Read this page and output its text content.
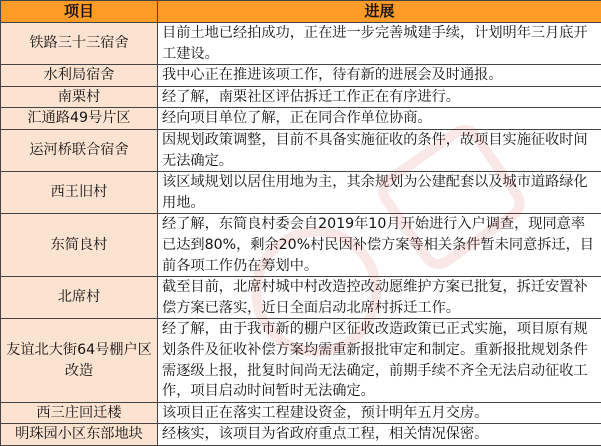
项目	进展
铁路三十三宿舍	目前土地已经拍成功，正在进一步完善城建手续，计划明年三月底开工建设。
水利局宿舍	我中心正在推进该项工作，待有新的进展会及时通报。
南栗村	经了解，南栗社区评估拆迁工作正在有序进行。
汇通路49号片区	经向项目单位了解，正在同合作单位协商。
运河桥联合宿舍	因规划政策调整，目前不具备实施征收的条件，故项目实施征收时间无法确定。
西王旧村	该区域规划以居住用地为主，其余规划为公建配套以及城市道路绿化用地。
东简良村	经了解，东简良村委会自2019年10月开始进行入户调查，现同意率已达到80%，剩余20%村民因补偿方案等相关条件暂未同意拆迁，目前各项工作仍在筹划中。
北席村	截至目前，北席村城中村改造控改动愿维护方案已批复，拆迁安置补偿方案已落实，近日全面启动北席村拆迁工作。
友谊北大街64号棚户区改造	经了解，由于我市新的棚户区征收改造政策已正式实施，项目原有规划条件及征收补偿方案均需重新报批审定和制定。重新报批规划条件需逐级上报，批复时间尚无法确定，前期手续不齐全无法启动征收工作，项目启动时间暂时无法确定。
西三庄回迁楼	该项目正在落实工程建设资金，预计明年五月交房。
明珠园小区东部地块	经核实，该项目为省政府重点工程，相关情况保密。
